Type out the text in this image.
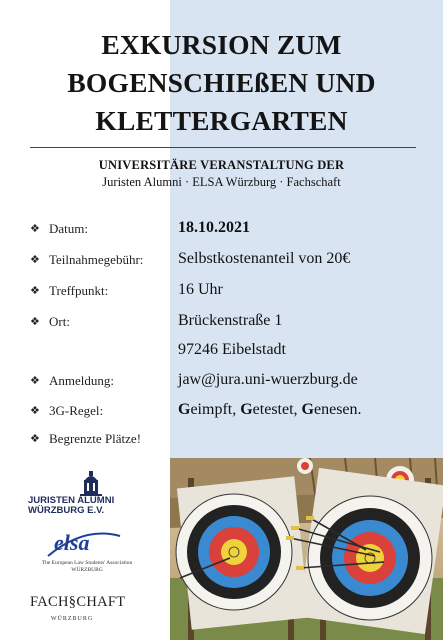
EXKURSION ZUM
BOGENSCHIEßEN UND
KLETTERGARTEN
UNIVERSITÄRE VERANSTALTUNG DER
Juristen Alumni · ELSA Würzburg · Fachschaft
❖ Datum:	18.10.2021
❖ Teilnahmegebühr: Selbstkostenanteil von 20€
❖ Treffpunkt:	16 Uhr
❖ Ort:	Brückenstraße 1
97246 Eibelstadt
❖ Anmeldung:	jaw@jura.uni-wuerzburg.de
❖ 3G-Regel:	Geimpft, Getestet, Genesen.
❖ Begrenzte Plätze!
JURISTEN ALUMNI
WÜRZBURG E.V.
elsa
The European Law Students' Association
WÜRZBURG
FACH§CHAFT
WÜRZBURG
